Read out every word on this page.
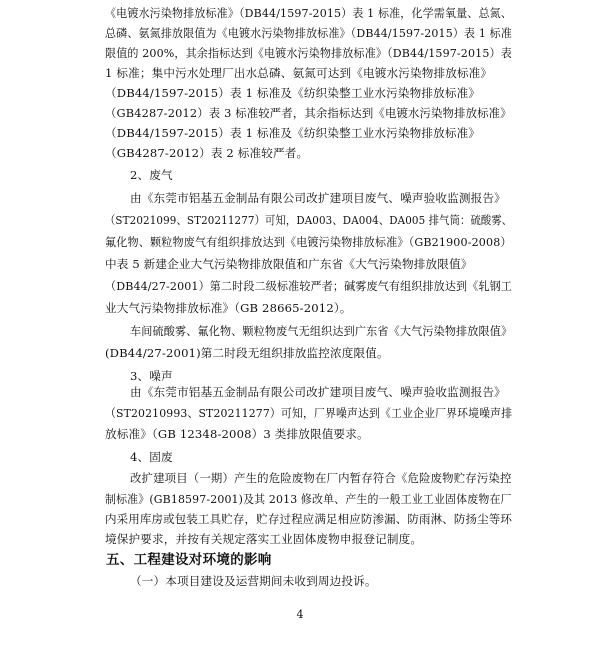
《电镀水污染物排放标准》（DB44/1597-2015）表 1 标准，化学需氧量、总氮、
总磷、氨氮排放限值为《电镀水污染物排放标准》（DB44/1597-2015）表 1 标准
限值的 200%，其余指标达到《电镀水污染物排放标准》（DB44/1597-2015）表
1 标准；集中污水处理厂出水总磷、氨氮可达到《电镀水污染物排放标准》
（DB44/1597-2015）表 1 标准及《纺织染整工业水污染物排放标准》
（GB4287-2012）表 3 标准较严者，其余指标达到《电镀水污染物排放标准》
（DB44/1597-2015）表 1 标准及《纺织染整工业水污染物排放标准》
（GB4287-2012）表 2 标准较严者。
2、废气
由《东莞市铝基五金制品有限公司改扩建项目废气、噪声验收监测报告》
（ST2021099、ST20211277）可知，DA003、DA004、DA005 排气筒：硫酸雾、
氟化物、颗粒物废气有组织排放达到《电镀污染物排放标准》（GB21900-2008）
中表 5 新建企业大气污染物排放限值和广东省《大气污染物排放限值》
（DB44/27-2001）第二时段二级标准较严者；碱雾废气有组织排放达到《轧钢工
业大气污染物排放标准》（GB 28665-2012）。
车间硫酸雾、氟化物、颗粒物废气无组织达到广东省《大气污染物排放限值》
(DB44/27-2001)第二时段无组织排放监控浓度限值。
3、噪声
由《东莞市铝基五金制品有限公司改扩建项目废气、噪声验收监测报告》
（ST20210993、ST20211277）可知，厂界噪声达到《工业企业厂界环境噪声排
放标准》（GB 12348-2008）3 类排放限值要求。
4、固废
改扩建项目（一期）产生的危险废物在厂内暂存符合《危险废物贮存污染控
制标准》(GB18597-2001)及其 2013 修改单、产生的一般工业工业固体废物在厂
内采用库房或包装工具贮存，贮存过程应满足相应防渗漏、防雨淋、防扬尘等环
境保护要求，并按有关规定落实工业固体废物申报登记制度。
五、工程建设对环境的影响
（一）本项目建设及运营期间未收到周边投诉。
4
